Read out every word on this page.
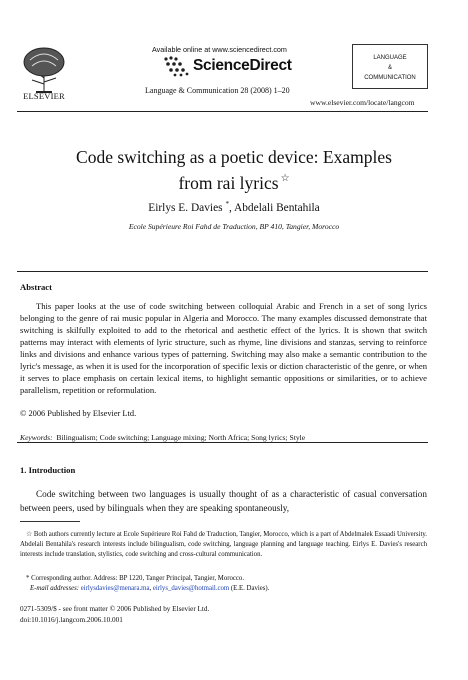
ELSEVIER
Available online at www.sciencedirect.com
ScienceDirect
Language & Communication 28 (2008) 1–20
LANGUAGE
&
COMMUNICATION
www.elsevier.com/locate/langcom
Code switching as a poetic device: Examples
from rai lyrics ☆
Eirlys E. Davies *, Abdelali Bentahila
Ecole Supérieure Roi Fahd de Traduction, BP 410, Tangier, Morocco
Abstract
This paper looks at the use of code switching between colloquial Arabic and French in a set of song lyrics belonging to the genre of rai music popular in Algeria and Morocco. The many examples discussed demonstrate that switching is skilfully exploited to add to the rhetorical and aesthetic effect of the lyrics. It is shown that switch patterns may interact with elements of lyric structure, such as rhyme, line divisions and stanzas, serving to reinforce links and divisions and enhance various types of patterning. Switching may also make a semantic contribution to the lyric's message, as when it is used for the incorporation of specific lexis or diction characteristic of the genre, or when it serves to place emphasis on certain lexical items, to highlight semantic oppositions or similarities, or to achieve parallelism, repetition or reformulation.
© 2006 Published by Elsevier Ltd.
Keywords: Bilingualism; Code switching; Language mixing; North Africa; Song lyrics; Style
1. Introduction
Code switching between two languages is usually thought of as a characteristic of casual conversation between peers, used by bilinguals when they are speaking spontaneously,
☆ Both authors currently lecture at Ecole Supérieure Roi Fahd de Traduction, Tangier, Morocco, which is a part of Abdelmalek Essaadi University. Abdelali Bentahila's research interests include bilingualism, code switching, language planning and language teaching. Eirlys E. Davies's research interests include translation, stylistics, code switching and cross-cultural communication.
* Corresponding author. Address: BP 1220, Tanger Principal, Tangier, Morocco.
E-mail addresses: eirlysdavies@menara.ma, eirlys_davies@hotmail.com (E.E. Davies).
0271-5309/$ - see front matter © 2006 Published by Elsevier Ltd.
doi:10.1016/j.langcom.2006.10.001
